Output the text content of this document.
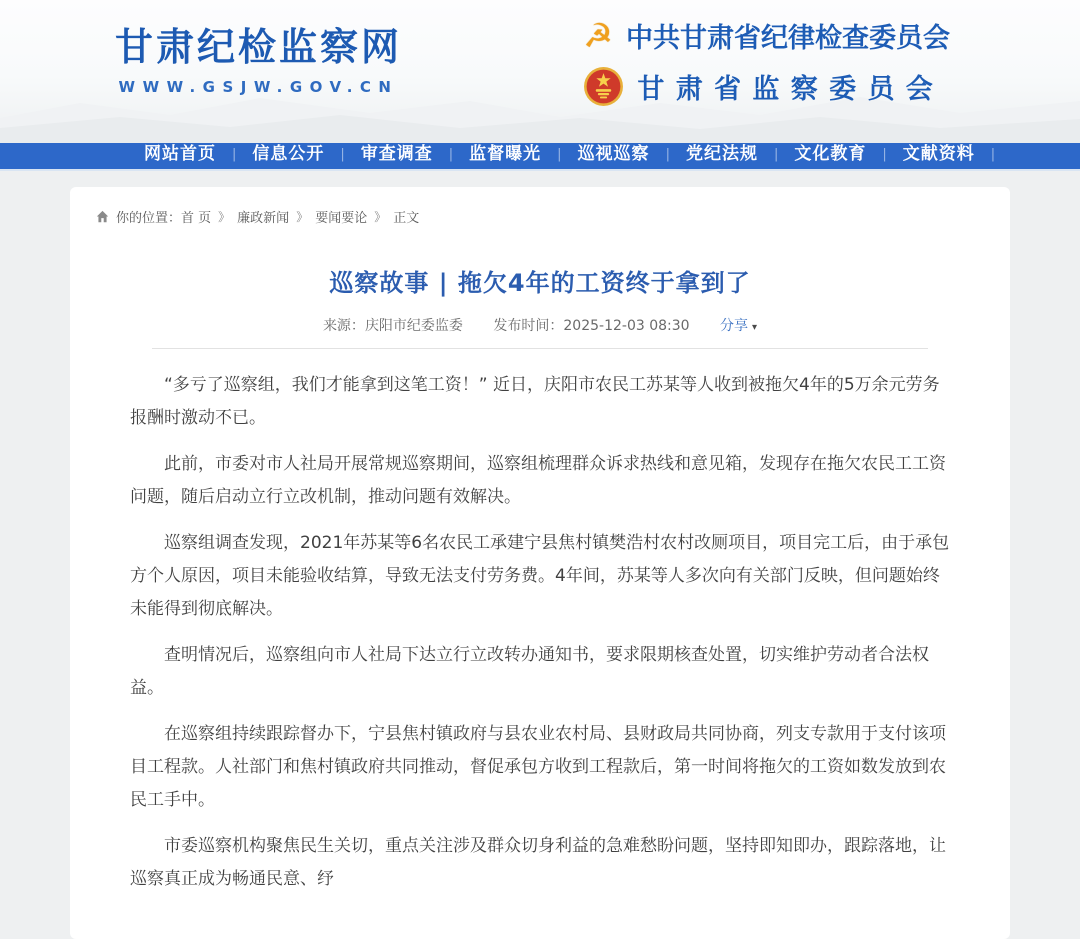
甘肃纪检监察网
WWW.GSJW.GOV.CN
☭ 中共甘肃省纪律检查委员会
甘肃省监察委员会
网站首页 | 信息公开 | 审查调查 | 监督曝光 | 巡视巡察 | 党纪法规 | 文化教育 | 文献资料 |
你的位置： 首 页 》 廉政新闻 》 要闻要论 》 正文
巡察故事 | 拖欠4年的工资终于拿到了
来源：庆阳市纪委监委 发布时间：2025-12-03 08:30 分享 ▾

“多亏了巡察组，我们才能拿到这笔工资！” 近日，庆阳市农民工苏某等人收到被拖欠4年的5万余元劳务报酬时激动不已。

此前，市委对市人社局开展常规巡察期间，巡察组梳理群众诉求热线和意见箱，发现存在拖欠农民工工资问题，随后启动立行立改机制，推动问题有效解决。

巡察组调查发现，2021年苏某等6名农民工承建宁县焦村镇樊浩村农村改厕项目，项目完工后，由于承包方个人原因，项目未能验收结算，导致无法支付劳务费。4年间，苏某等人多次向有关部门反映，但问题始终未能得到彻底解决。

查明情况后，巡察组向市人社局下达立行立改转办通知书，要求限期核查处置，切实维护劳动者合法权益。

在巡察组持续跟踪督办下，宁县焦村镇政府与县农业农村局、县财政局共同协商，列支专款用于支付该项目工程款。人社部门和焦村镇政府共同推动，督促承包方收到工程款后，第一时间将拖欠的工资如数发放到农民工手中。

市委巡察机构聚焦民生关切，重点关注涉及群众切身利益的急难愁盼问题，坚持即知即办，跟踪落地，让巡察真正成为畅通民意、纾
